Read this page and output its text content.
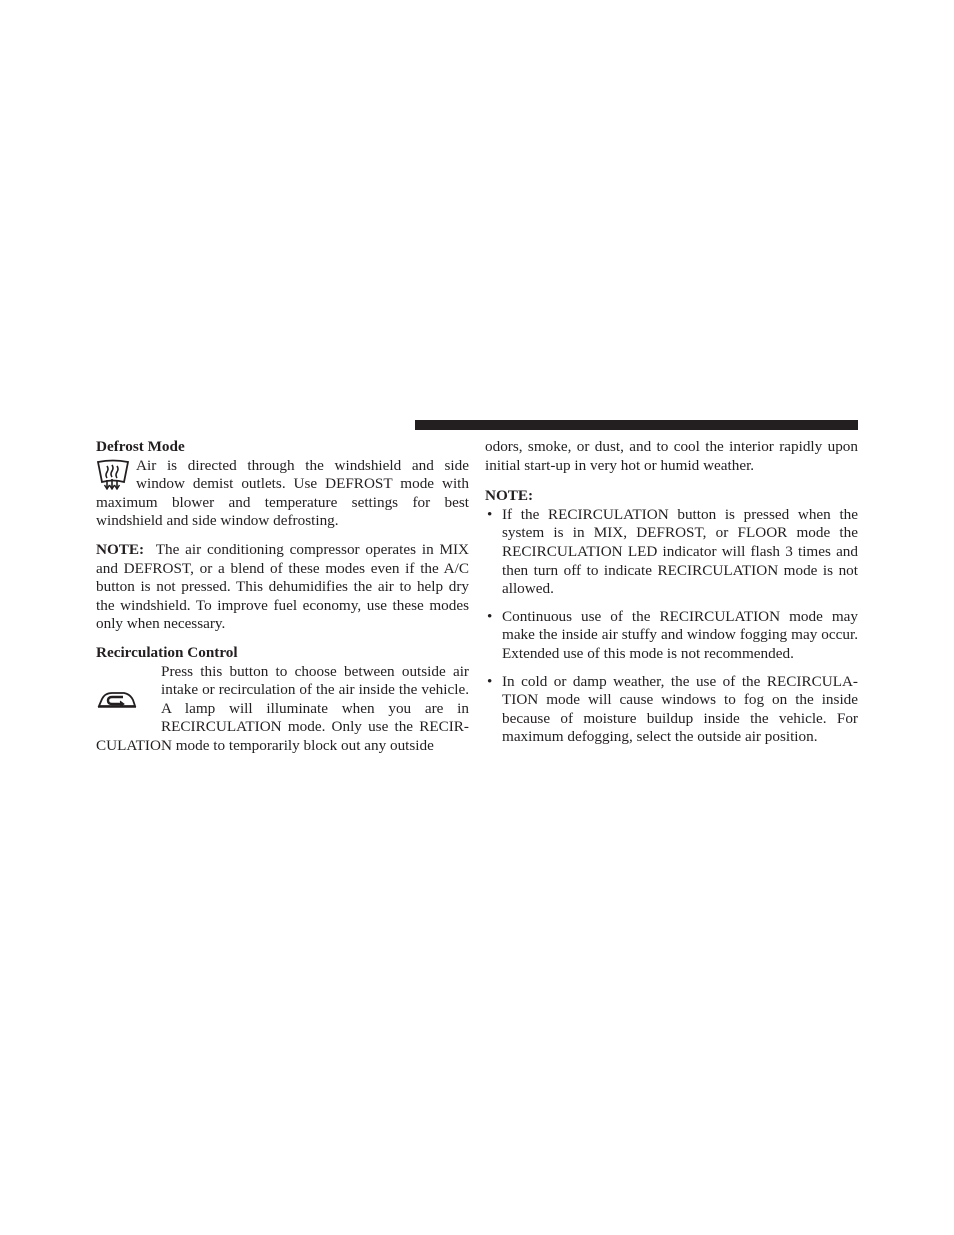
Defrost Mode

Air is directed through the windshield and side window demist outlets. Use DEFROST mode with maximum blower and temperature settings for best windshield and side window defrosting.

NOTE: The air conditioning compressor operates in MIX and DEFROST, or a blend of these modes even if the A/C button is not pressed. This dehumidifies the air to help dry the windshield. To improve fuel economy, use these modes only when necessary.

Recirculation Control

Press this button to choose between outside air intake or recirculation of the air inside the vehicle. A lamp will illuminate when you are in RECIRCULATION mode. Only use the RECIR-CULATION mode to temporarily block out any outside

odors, smoke, or dust, and to cool the interior rapidly upon initial start-up in very hot or humid weather.

NOTE:

• If the RECIRCULATION button is pressed when the system is in MIX, DEFROST, or FLOOR mode the RECIRCULATION LED indicator will flash 3 times and then turn off to indicate RECIRCULATION mode is not allowed.
• Continuous use of the RECIRCULATION mode may make the inside air stuffy and window fogging may occur. Extended use of this mode is not recommended.
• In cold or damp weather, the use of the RECIRCULA-TION mode will cause windows to fog on the inside because of moisture buildup inside the vehicle. For maximum defogging, select the outside air position.
